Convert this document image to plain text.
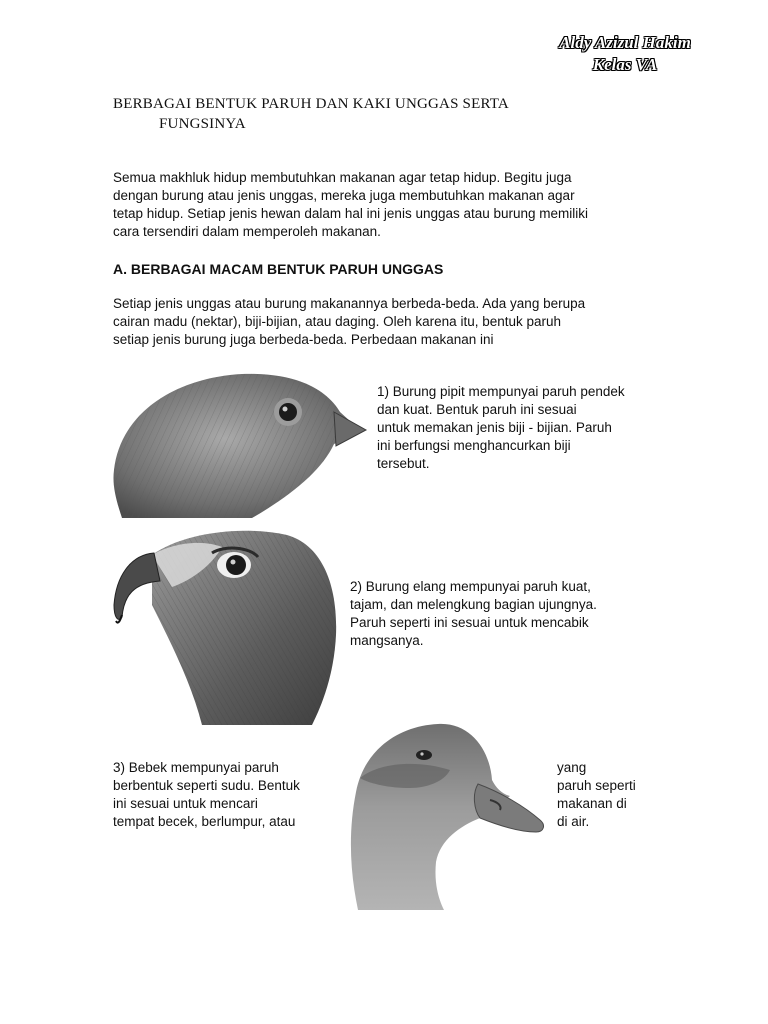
Aldy Azizul Hakim
Kelas VA
BERBAGAI BENTUK PARUH DAN KAKI UNGGAS SERTA
FUNGSINYA
Semua makhluk hidup membutuhkan makanan agar tetap hidup. Begitu juga
dengan burung atau jenis unggas, mereka juga membutuhkan makanan agar
tetap hidup. Setiap jenis hewan dalam hal ini jenis unggas atau burung memiliki
cara tersendiri dalam memperoleh makanan.
A. BERBAGAI MACAM BENTUK PARUH UNGGAS
Setiap jenis unggas atau burung makanannya berbeda-beda. Ada yang berupa
cairan madu (nektar), biji-bijian, atau daging. Oleh karena itu, bentuk paruh
setiap jenis burung juga berbeda-beda. Perbedaan makanan ini
1) Burung pipit mempunyai paruh pendek
dan kuat. Bentuk paruh ini sesuai
untuk memakan jenis biji - bijian. Paruh
ini berfungsi menghancurkan biji
tersebut.
2) Burung elang mempunyai paruh kuat,
tajam, dan melengkung bagian ujungnya.
Paruh seperti ini sesuai untuk mencabik
mangsanya.
3) Bebek mempunyai paruh
berbentuk seperti sudu. Bentuk
ini sesuai untuk mencari
tempat becek, berlumpur, atau
yang
paruh seperti
makanan di
di air.
